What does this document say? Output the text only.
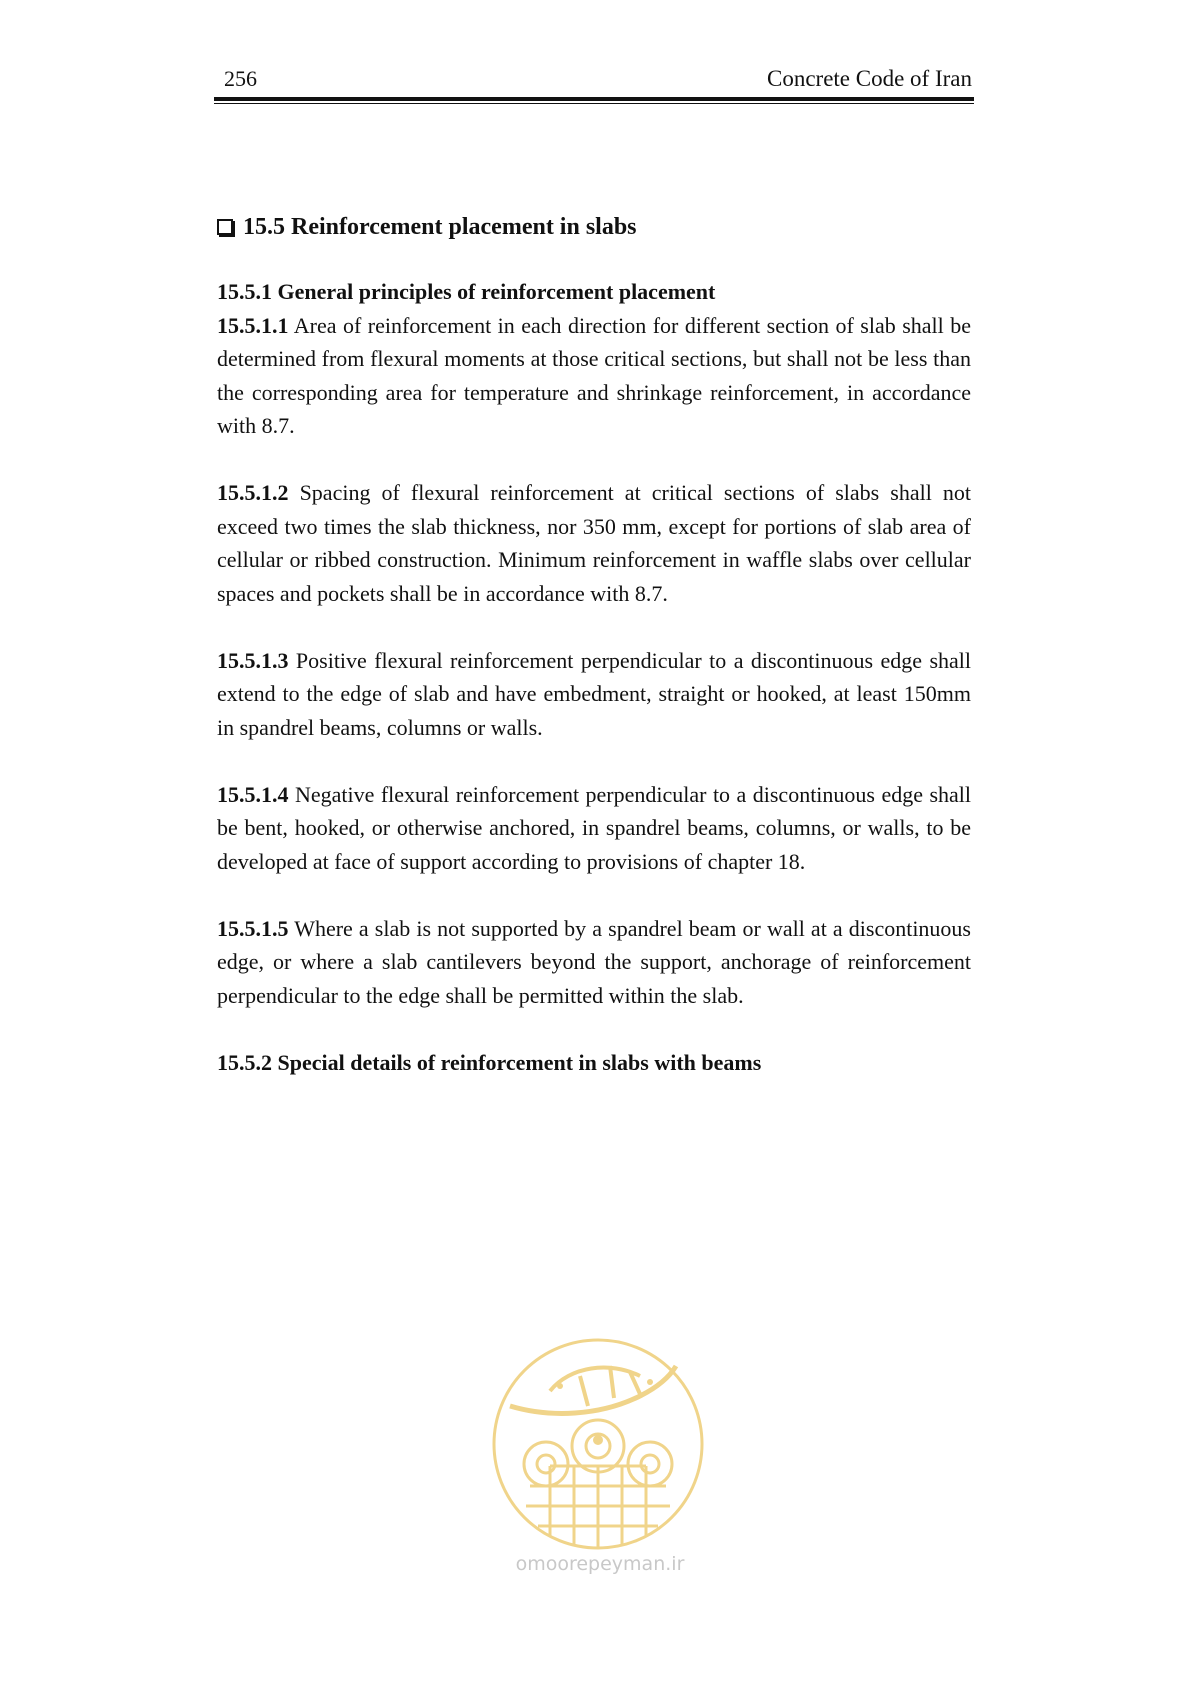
256	Concrete Code of Iran
15.5 Reinforcement placement in slabs
15.5.1 General principles of reinforcement placement

15.5.1.1 Area of reinforcement in each direction for different section of slab shall be determined from flexural moments at those critical sections, but shall not be less than the corresponding area for temperature and shrinkage reinforcement, in accordance with 8.7.

15.5.1.2 Spacing of flexural reinforcement at critical sections of slabs shall not exceed two times the slab thickness, nor 350 mm, except for portions of slab area of cellular or ribbed construction. Minimum reinforcement in waffle slabs over cellular spaces and pockets shall be in accordance with 8.7.

15.5.1.3 Positive flexural reinforcement perpendicular to a discontinuous edge shall extend to the edge of slab and have embedment, straight or hooked, at least 150mm in spandrel beams, columns or walls.

15.5.1.4 Negative flexural reinforcement perpendicular to a discontinuous edge shall be bent, hooked, or otherwise anchored, in spandrel beams, columns, or walls, to be developed at face of support according to provisions of chapter 18.

15.5.1.5 Where a slab is not supported by a spandrel beam or wall at a discontinuous edge, or where a slab cantilevers beyond the support, anchorage of reinforcement perpendicular to the edge shall be permitted within the slab.

15.5.2 Special details of reinforcement in slabs with beams
omoorepeyman.ir
